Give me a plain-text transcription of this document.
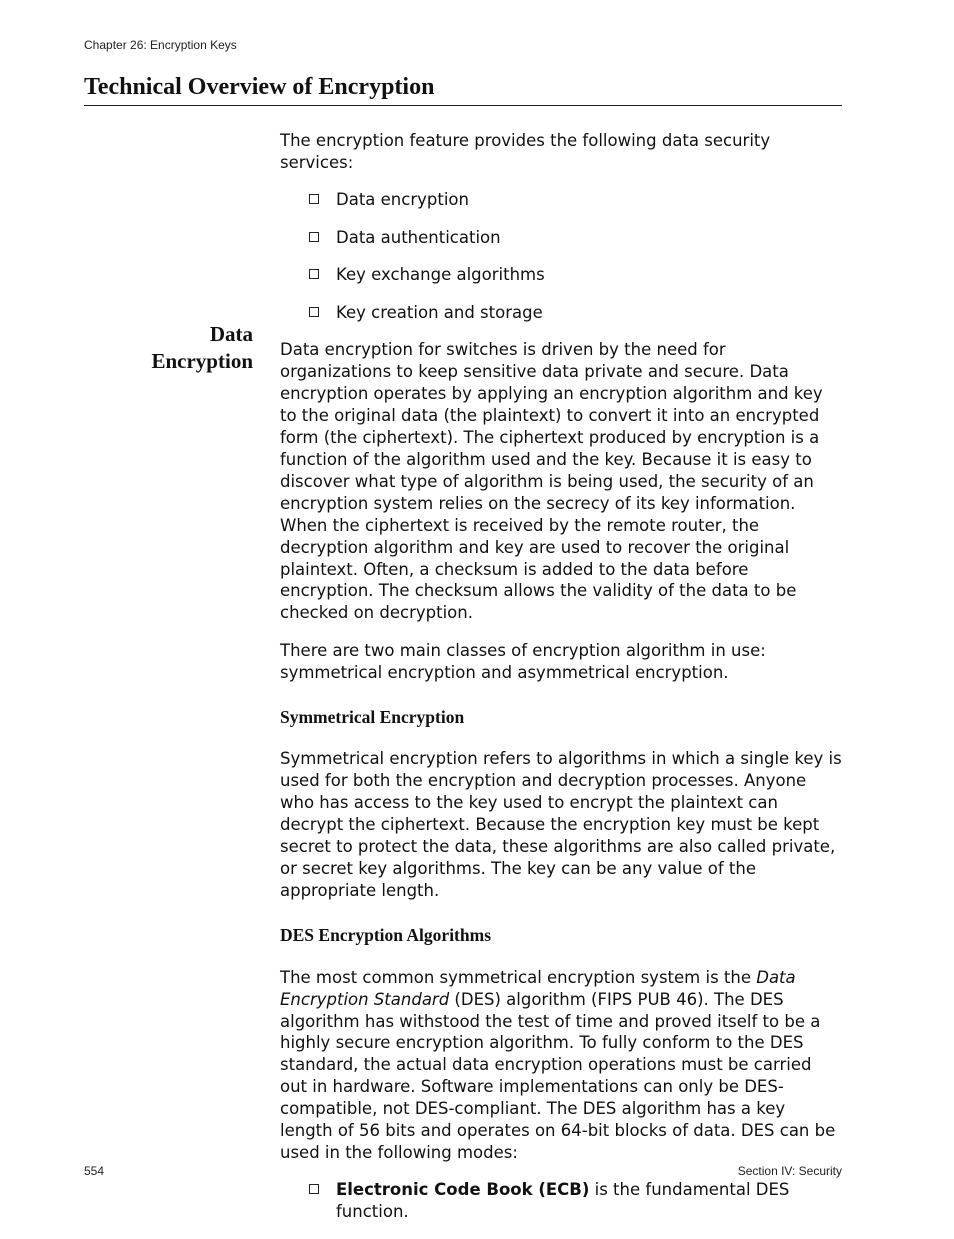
Chapter 26: Encryption Keys
Technical Overview of Encryption
Data
Encryption

The encryption feature provides the following data security services:

Data encryption
Data authentication
Key exchange algorithms
Key creation and storage

Data encryption for switches is driven by the need for organizations to keep sensitive data private and secure. Data encryption operates by applying an encryption algorithm and key to the original data (the plaintext) to convert it into an encrypted form (the ciphertext). The ciphertext produced by encryption is a function of the algorithm used and the key. Because it is easy to discover what type of algorithm is being used, the security of an encryption system relies on the secrecy of its key information. When the ciphertext is received by the remote router, the decryption algorithm and key are used to recover the original plaintext. Often, a checksum is added to the data before encryption. The checksum allows the validity of the data to be checked on decryption.

There are two main classes of encryption algorithm in use: symmetrical encryption and asymmetrical encryption.

Symmetrical Encryption

Symmetrical encryption refers to algorithms in which a single key is used for both the encryption and decryption processes. Anyone who has access to the key used to encrypt the plaintext can decrypt the ciphertext. Because the encryption key must be kept secret to protect the data, these algorithms are also called private, or secret key algorithms. The key can be any value of the appropriate length.

DES Encryption Algorithms

The most common symmetrical encryption system is the Data Encryption Standard (DES) algorithm (FIPS PUB 46). The DES algorithm has withstood the test of time and proved itself to be a highly secure encryption algorithm. To fully conform to the DES standard, the actual data encryption operations must be carried out in hardware. Software implementations can only be DES-compatible, not DES-compliant. The DES algorithm has a key length of 56 bits and operates on 64-bit blocks of data. DES can be used in the following modes:

Electronic Code Book (ECB) is the fundamental DES function.
554	Section IV: Security
